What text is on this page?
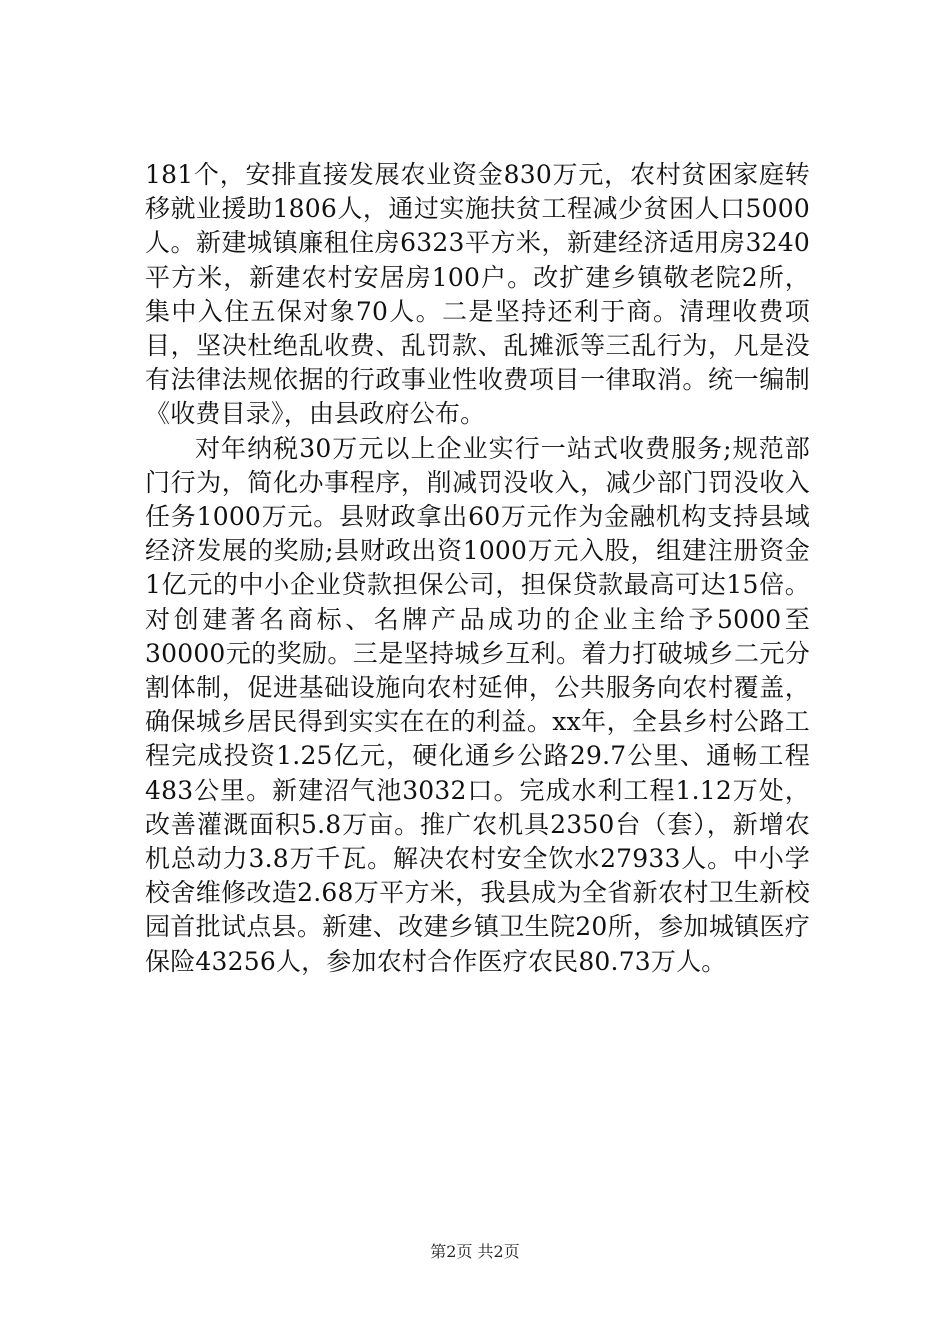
181个，安排直接发展农业资金830万元，农村贫困家庭转移就业援助1806人，通过实施扶贫工程减少贫困人口5000人。新建城镇廉租住房6323平方米，新建经济适用房3240平方米，新建农村安居房100户。改扩建乡镇敬老院2所，集中入住五保对象70人。二是坚持还利于商。清理收费项目，坚决杜绝乱收费、乱罚款、乱摊派等三乱行为，凡是没有法律法规依据的行政事业性收费项目一律取消。统一编制《收费目录》，由县政府公布。

对年纳税30万元以上企业实行一站式收费服务;规范部门行为，简化办事程序，削减罚没收入，减少部门罚没收入任务1000万元。县财政拿出60万元作为金融机构支持县域经济发展的奖励;县财政出资1000万元入股，组建注册资金1亿元的中小企业贷款担保公司，担保贷款最高可达15倍。对创建著名商标、名牌产品成功的企业主给予5000至30000元的奖励。三是坚持城乡互利。着力打破城乡二元分割体制，促进基础设施向农村延伸，公共服务向农村覆盖，确保城乡居民得到实实在在的利益。xx年，全县乡村公路工程完成投资1.25亿元，硬化通乡公路29.7公里、通畅工程483公里。新建沼气池3032口。完成水利工程1.12万处，改善灌溉面积5.8万亩。推广农机具2350台（套），新增农机总动力3.8万千瓦。解决农村安全饮水27933人。中小学校舍维修改造2.68万平方米，我县成为全省新农村卫生新校园首批试点县。新建、改建乡镇卫生院20所，参加城镇医疗保险43256人，参加农村合作医疗农民80.73万人。

第2页 共2页
